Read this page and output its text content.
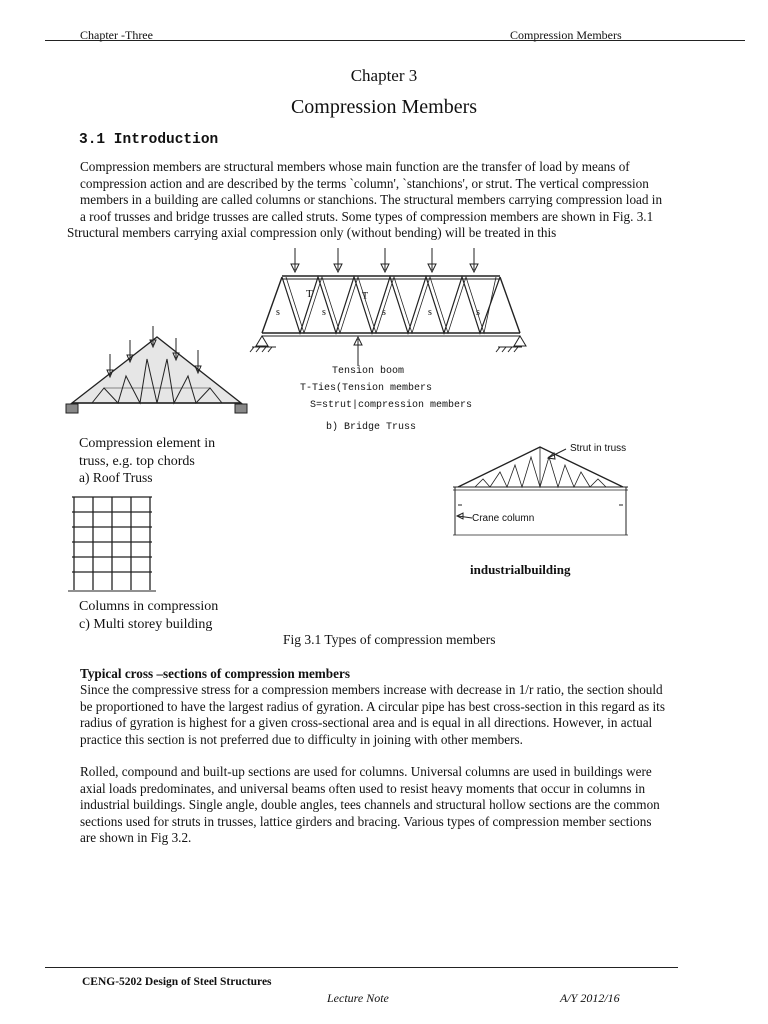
Chapter -Three	Compression Members
Chapter 3
Compression Members
3.1 Introduction
Compression members are structural members whose main function are the transfer of load by means of
compression action and are described by the terms `column', `stanchions', or strut. The vertical compression
members in a building are called columns or stanchions. The structural members carrying compression load in
a roof trusses and bridge trusses are called struts. Some types of compression members are shown in Fig. 3.1
Structural members carrying axial compression only (without bending) will be treated in this
T	T
s	s	s	s	s
Tension boom
T-Ties(Tension members
S=strut|compression members
b) Bridge Truss
Compression element in
truss, e.g. top chords
a) Roof Truss
Strut in truss
Crane column
industrialbuilding
Columns in compression
c) Multi storey building
Fig 3.1 Types of compression members
Typical cross –sections of compression members
Since the compressive stress for a compression members increase with decrease in 1/r ratio, the section should
be proportioned to have the largest radius of gyration. A circular pipe has best cross-section in this regard as its
radius of gyration is highest for a given cross-sectional area and is equal in all directions. However, in actual
practice this section is not preferred due to difficulty in joining with other members.
Rolled, compound and built-up sections are used for columns. Universal columns are used in buildings were
axial loads predominates, and universal beams often used to resist heavy moments that occur in columns in
industrial buildings. Single angle, double angles, tees channels and structural hollow sections are the common
sections used for struts in trusses, lattice girders and bracing. Various types of compression member sections
are shown in Fig 3.2.
CENG-5202 Design of Steel Structures
Lecture Note	A/Y 2012/16
